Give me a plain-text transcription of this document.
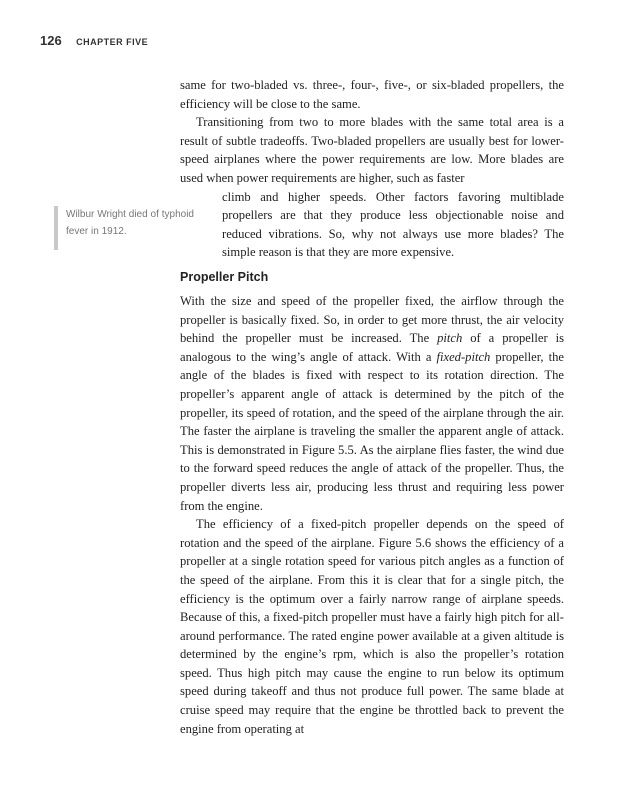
126 CHAPTER FIVE

same for two-bladed vs. three-, four-, five-, or six-bladed propellers, the efficiency will be close to the same.

Transitioning from two to more blades with the same total area is a result of subtle tradeoffs. Two-bladed propellers are usually best for lower-speed airplanes where the power requirements are low. More blades are used when power requirements are higher, such as faster

climb and higher speeds. Other factors favoring multiblade propellers are that they produce less objectionable noise and reduced vibrations. So, why not always use more blades? The simple reason is that they are more expensive.

Wilbur Wright died of typhoid fever in 1912.
Propeller Pitch

With the size and speed of the propeller fixed, the airflow through the propeller is basically fixed. So, in order to get more thrust, the air velocity behind the propeller must be increased. The pitch of a propeller is analogous to the wing’s angle of attack. With a fixed-pitch propeller, the angle of the blades is fixed with respect to its rotation direction. The propeller’s apparent angle of attack is determined by the pitch of the propeller, its speed of rotation, and the speed of the airplane through the air. The faster the airplane is traveling the smaller the apparent angle of attack. This is demonstrated in Figure 5.5. As the airplane flies faster, the wind due to the forward speed reduces the angle of attack of the propeller. Thus, the propeller diverts less air, producing less thrust and requiring less power from the engine.

The efficiency of a fixed-pitch propeller depends on the speed of rotation and the speed of the airplane. Figure 5.6 shows the efficiency of a propeller at a single rotation speed for various pitch angles as a function of the speed of the airplane. From this it is clear that for a single pitch, the efficiency is the optimum over a fairly narrow range of airplane speeds. Because of this, a fixed-pitch propeller must have a fairly high pitch for all-around performance. The rated engine power available at a given altitude is determined by the engine’s rpm, which is also the propeller’s rotation speed. Thus high pitch may cause the engine to run below its optimum speed during takeoff and thus not produce full power. The same blade at cruise speed may require that the engine be throttled back to prevent the engine from operating at
